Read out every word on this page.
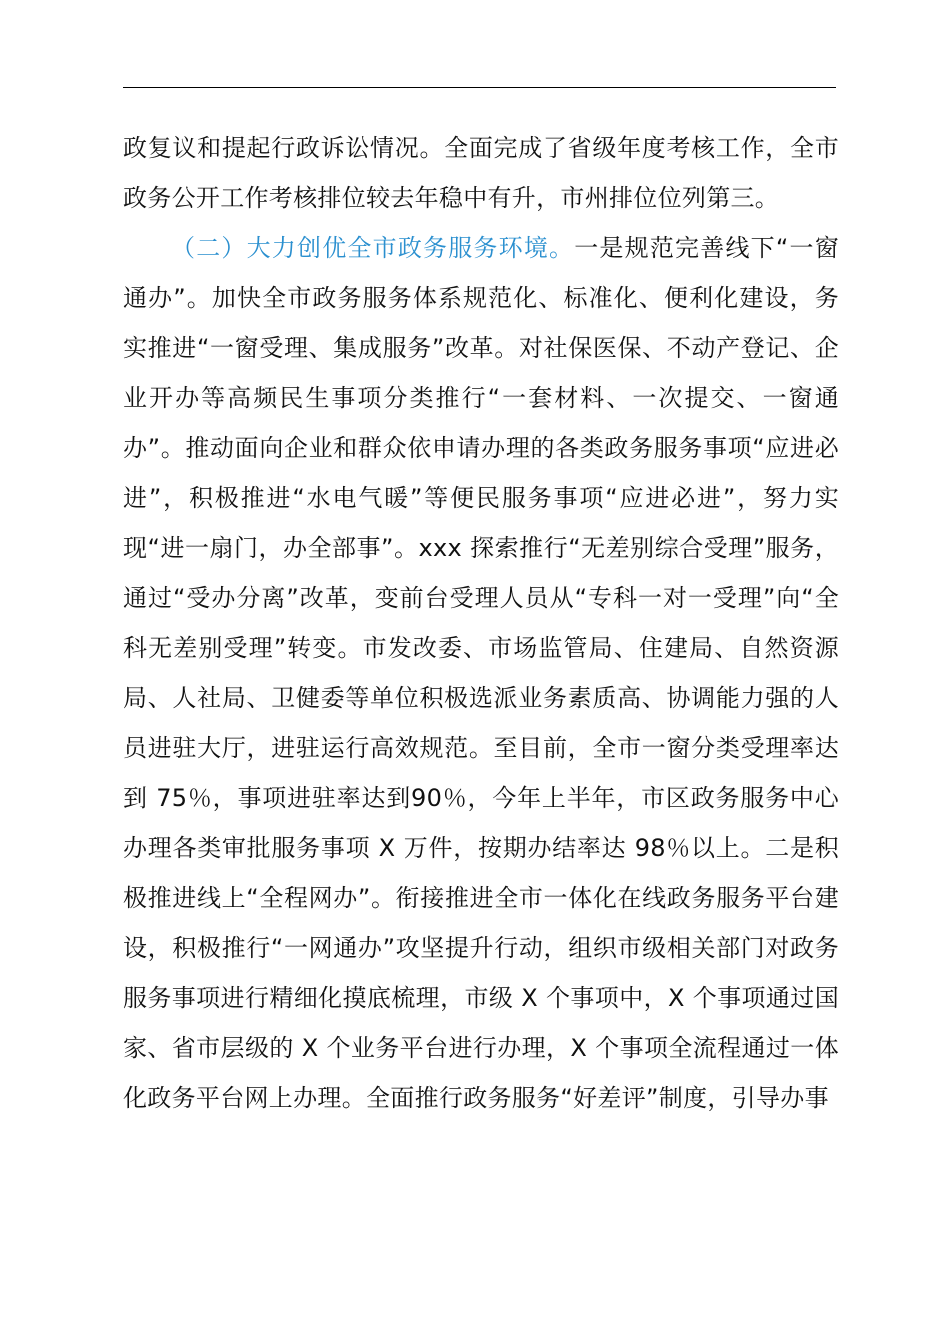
政复议和提起行政诉讼情况。全面完成了省级年度考核工作，全市政务公开工作考核排位较去年稳中有升，市州排位位列第三。

（二）大力创优全市政务服务环境。一是规范完善线下“一窗通办”。加快全市政务服务体系规范化、标准化、便利化建设，务实推进“一窗受理、集成服务”改革。对社保医保、不动产登记、企业开办等高频民生事项分类推行“一套材料、一次提交、一窗通办”。推动面向企业和群众依申请办理的各类政务服务事项“应进必进”，积极推进“水电气暖”等便民服务事项“应进必进”，努力实现“进一扇门，办全部事”。xxx 探索推行“无差别综合受理”服务，通过“受办分离”改革，变前台受理人员从“专科一对一受理”向“全科无差别受理”转变。市发改委、市场监管局、住建局、自然资源局、人社局、卫健委等单位积极选派业务素质高、协调能力强的人员进驻大厅，进驻运行高效规范。至目前，全市一窗分类受理率达到 75％，事项进驻率达到90％，今年上半年，市区政务服务中心办理各类审批服务事项 X 万件，按期办结率达 98％以上。二是积极推进线上“全程网办”。衔接推进全市一体化在线政务服务平台建设，积极推行“一网通办”攻坚提升行动，组织市级相关部门对政务服务事项进行精细化摸底梳理，市级 X 个事项中，X 个事项通过国家、省市层级的 X 个业务平台进行办理，X 个事项全流程通过一体化政务平台网上办理。全面推行政务服务“好差评”制度，引导办事
